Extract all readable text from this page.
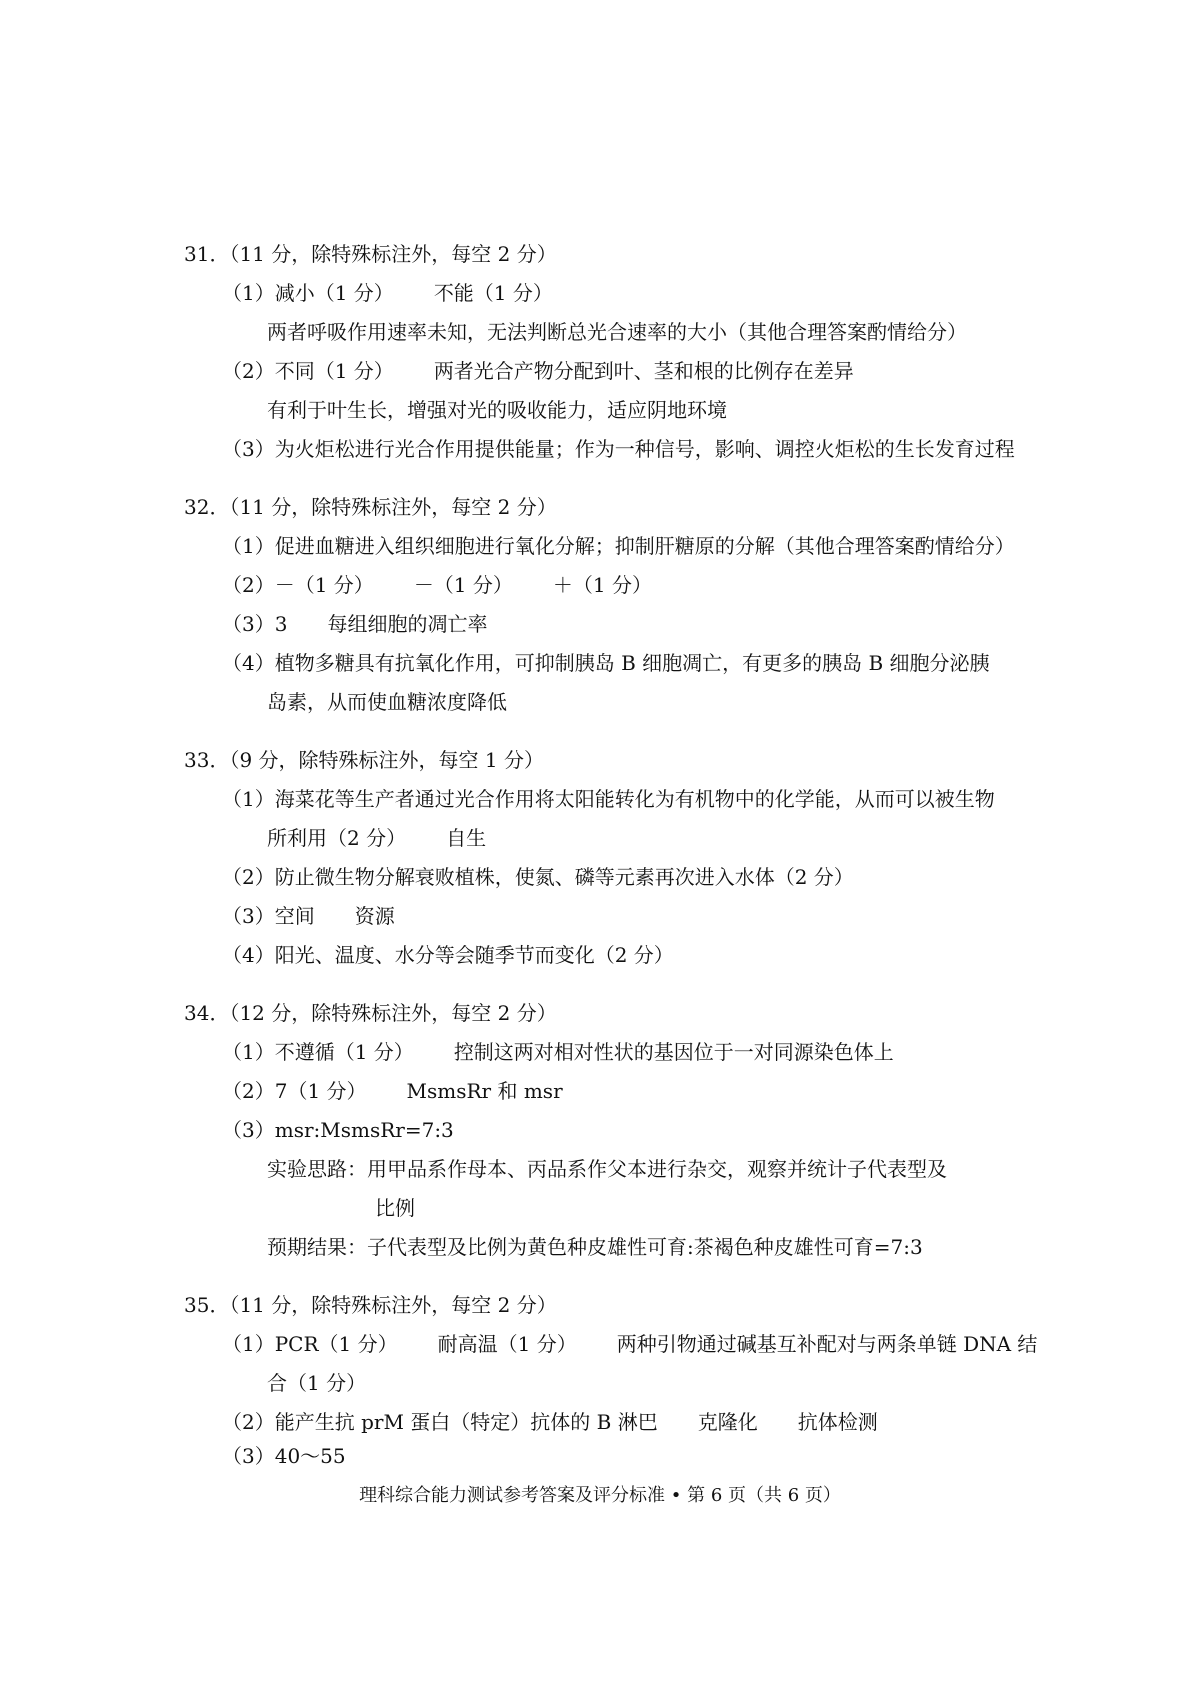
31．（11 分，除特殊标注外，每空 2 分）
（1）减小（1 分） 不能（1 分）
两者呼吸作用速率未知，无法判断总光合速率的大小（其他合理答案酌情给分）
（2）不同（1 分） 两者光合产物分配到叶、茎和根的比例存在差异
有利于叶生长，增强对光的吸收能力，适应阴地环境
（3）为火炬松进行光合作用提供能量；作为一种信号，影响、调控火炬松的生长发育过程
32．（11 分，除特殊标注外，每空 2 分）
（1）促进血糖进入组织细胞进行氧化分解；抑制肝糖原的分解（其他合理答案酌情给分）
（2）－（1 分） －（1 分） ＋（1 分）
（3）3 每组细胞的凋亡率
（4）植物多糖具有抗氧化作用，可抑制胰岛 B 细胞凋亡，有更多的胰岛 B 细胞分泌胰
岛素，从而使血糖浓度降低
33．（9 分，除特殊标注外，每空 1 分）
（1）海菜花等生产者通过光合作用将太阳能转化为有机物中的化学能，从而可以被生物
所利用（2 分） 自生
（2）防止微生物分解衰败植株，使氮、磷等元素再次进入水体（2 分）
（3）空间 资源
（4）阳光、温度、水分等会随季节而变化（2 分）
34．（12 分，除特殊标注外，每空 2 分）
（1）不遵循（1 分） 控制这两对相对性状的基因位于一对同源染色体上
（2）7（1 分） MsmsRr 和 msr
（3）msr:MsmsRr=7:3
实验思路：用甲品系作母本、丙品系作父本进行杂交，观察并统计子代表型及
比例
预期结果：子代表型及比例为黄色种皮雄性可育:茶褐色种皮雄性可育=7:3
35．（11 分，除特殊标注外，每空 2 分）
（1）PCR（1 分） 耐高温（1 分） 两种引物通过碱基互补配对与两条单链 DNA 结
合（1 分）
（2）能产生抗 prM 蛋白（特定）抗体的 B 淋巴 克隆化 抗体检测
（3）40～55
理科综合能力测试参考答案及评分标准 • 第 6 页（共 6 页）
